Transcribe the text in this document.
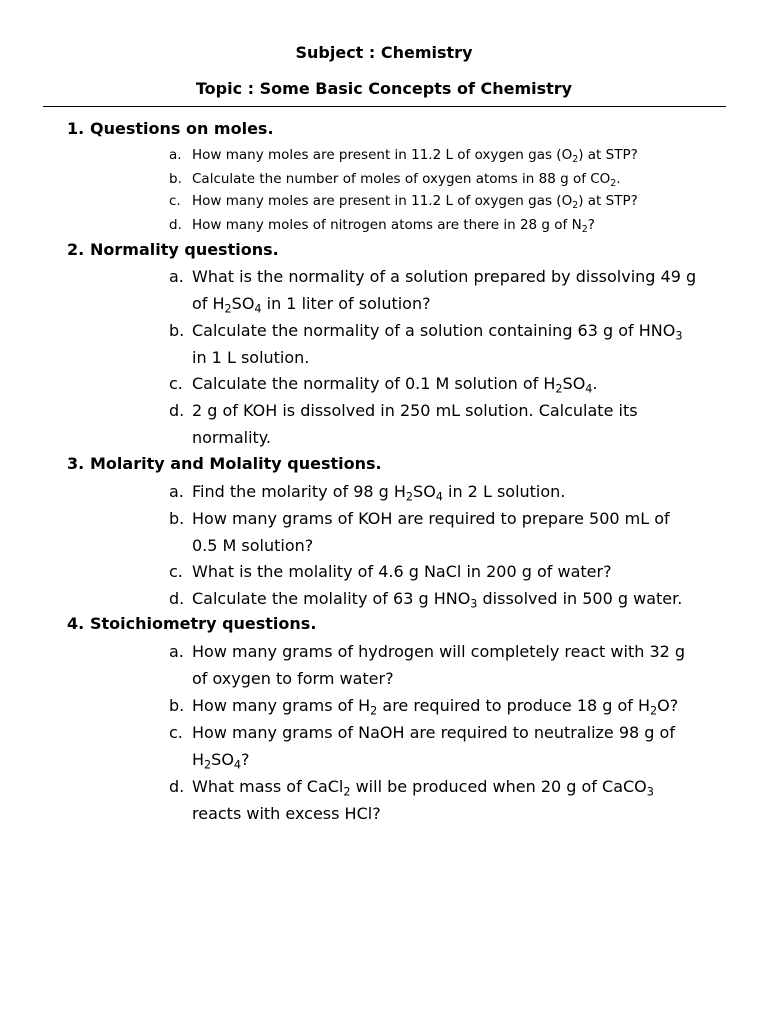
Subject : Chemistry
Topic : Some Basic Concepts of Chemistry
1. Questions on moles.
a. How many moles are present in 11.2 L of oxygen gas $(O_2)$ at STP?
b. Calculate the number of moles of oxygen atoms in 88 g of $CO_2$.
c. How many moles are present in 11.2 L of oxygen gas $(O_2)$ at STP?
d. How many moles of nitrogen atoms are there in 28 g of $N_2$?
2. Normality questions.
a. What is the normality of a solution prepared by dissolving 49 g
of $H_2SO_4$ in 1 liter of solution?
b. Calculate the normality of a solution containing 63 g of $HNO_3$
in 1 L solution.
c. Calculate the normality of 0.1 M solution of $H_2SO_4$.
d. 2 g of KOH is dissolved in 250 mL solution. Calculate its
normality.
3. Molarity and Molality questions.
a. Find the molarity of 98 g $H_2SO_4$ in 2 L solution.
b. How many grams of KOH are required to prepare 500 mL of
0.5 M solution?
c. What is the molality of 4.6 g NaCl in 200 g of water?
d. Calculate the molality of 63 g $HNO_3$ dissolved in 500 g water.
4. Stoichiometry questions.
a. How many grams of hydrogen will completely react with 32 g
of oxygen to form water?
b. How many grams of $H_2$ are required to produce 18 g of $H_2O$?
c. How many grams of NaOH are required to neutralize 98 g of
$H_2SO_4$?
d. What mass of CaCl$_2$ will be produced when 20 g of CaCO$_3$
reacts with excess HCl?
